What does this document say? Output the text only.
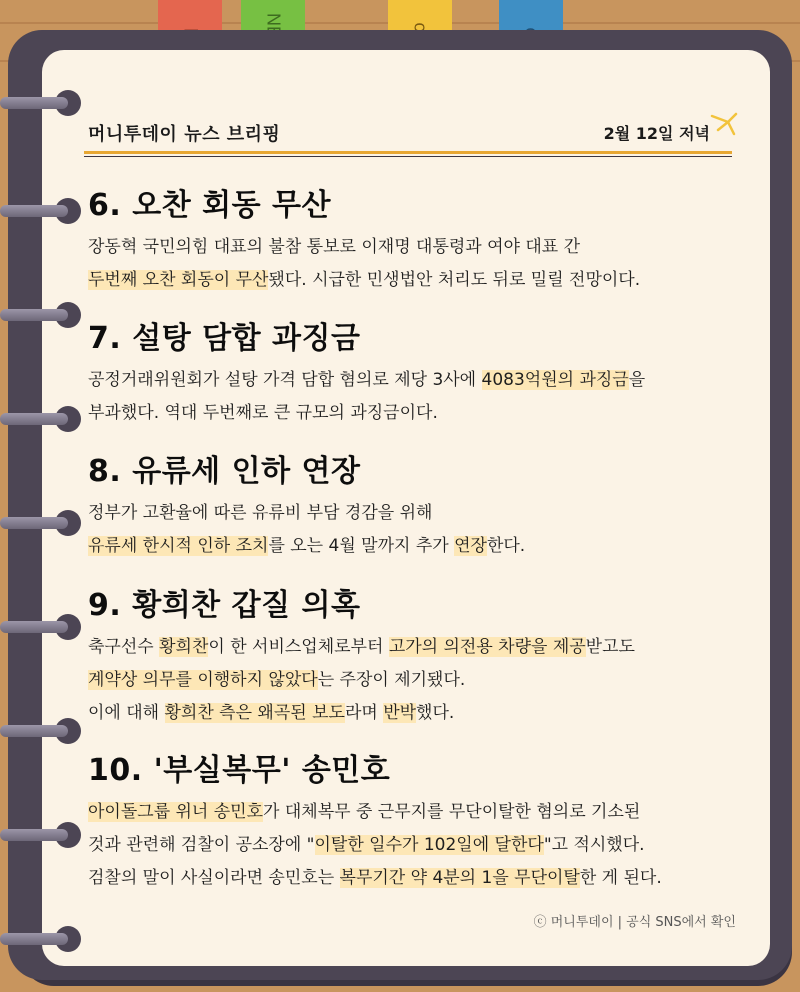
머니투데이 뉴스 브리핑	2월 12일 저녁
6. 오찬 회동 무산
장동혁 국민의힘 대표의 불참 통보로 이재명 대통령과 여야 대표 간
두번째 오찬 회동이 무산됐다. 시급한 민생법안 처리도 뒤로 밀릴 전망이다.
7. 설탕 담합 과징금
공정거래위원회가 설탕 가격 담합 혐의로 제당 3사에 4083억원의 과징금을
부과했다. 역대 두번째로 큰 규모의 과징금이다.
8. 유류세 인하 연장
정부가 고환율에 따른 유류비 부담 경감을 위해
유류세 한시적 인하 조치를 오는 4월 말까지 추가 연장한다.
9. 황희찬 갑질 의혹
축구선수 황희찬이 한 서비스업체로부터 고가의 의전용 차량을 제공받고도
계약상 의무를 이행하지 않았다는 주장이 제기됐다.
이에 대해 황희찬 측은 왜곡된 보도라며 반박했다.
10. '부실복무' 송민호
아이돌그룹 위너 송민호가 대체복무 중 근무지를 무단이탈한 혐의로 기소된
것과 관련해 검찰이 공소장에 "이탈한 일수가 102일에 달한다"고 적시했다.
검찰의 말이 사실이라면 송민호는 복무기간 약 4분의 1을 무단이탈한 게 된다.
ⓒ 머니투데이 | 공식 SNS에서 확인
